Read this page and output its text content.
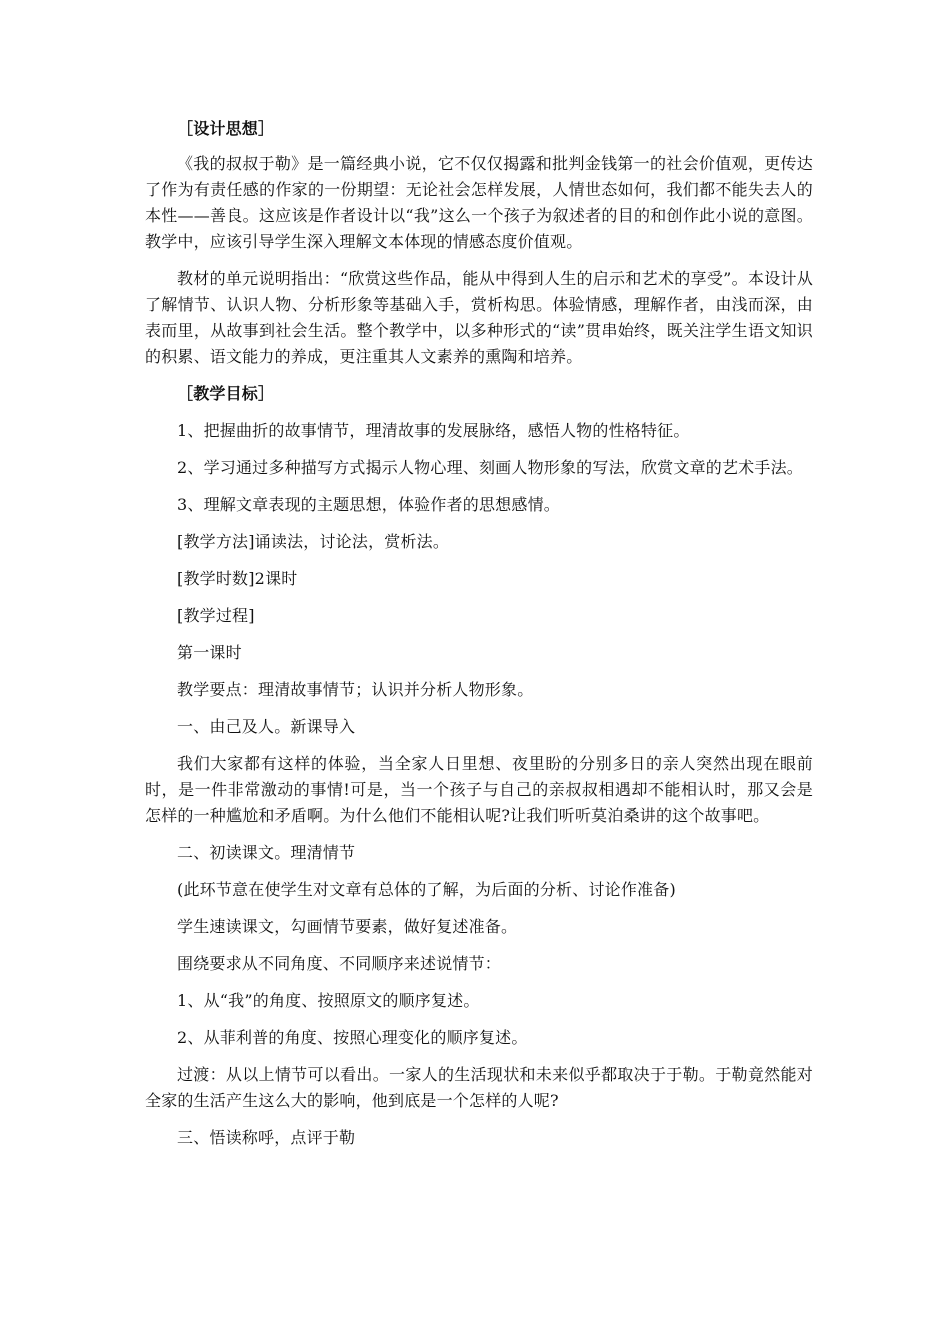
［设计思想］

《我的叔叔于勒》是一篇经典小说，它不仅仅揭露和批判金钱第一的社会价值观，更传达了作为有责任感的作家的一份期望：无论社会怎样发展，人情世态如何，我们都不能失去人的本性——善良。这应该是作者设计以“我”这么一个孩子为叙述者的目的和创作此小说的意图。教学中，应该引导学生深入理解文本体现的情感态度价值观。

教材的单元说明指出：“欣赏这些作品，能从中得到人生的启示和艺术的享受”。本设计从了解情节、认识人物、分析形象等基础入手，赏析构思。体验情感，理解作者，由浅而深，由表而里，从故事到社会生活。整个教学中，以多种形式的“读”贯串始终，既关注学生语文知识的积累、语文能力的养成，更注重其人文素养的熏陶和培养。

［教学目标］

1、把握曲折的故事情节，理清故事的发展脉络，感悟人物的性格特征。

2、学习通过多种描写方式揭示人物心理、刻画人物形象的写法，欣赏文章的艺术手法。

3、理解文章表现的主题思想，体验作者的思想感情。

[教学方法]诵读法，讨论法，赏析法。

[教学时数]2课时

[教学过程]

第一课时

教学要点：理清故事情节；认识并分析人物形象。

一、由己及人。新课导入

我们大家都有这样的体验，当全家人日里想、夜里盼的分别多日的亲人突然出现在眼前时，是一件非常激动的事情!可是，当一个孩子与自己的亲叔叔相遇却不能相认时，那又会是怎样的一种尴尬和矛盾啊。为什么他们不能相认呢?让我们听听莫泊桑讲的这个故事吧。

二、初读课文。理清情节

(此环节意在使学生对文章有总体的了解，为后面的分析、讨论作准备)

学生速读课文，勾画情节要素，做好复述准备。

围绕要求从不同角度、不同顺序来述说情节：

1、从“我”的角度、按照原文的顺序复述。

2、从菲利普的角度、按照心理变化的顺序复述。

过渡：从以上情节可以看出。一家人的生活现状和未来似乎都取决于于勒。于勒竟然能对全家的生活产生这么大的影响，他到底是一个怎样的人呢?

三、悟读称呼，点评于勒
